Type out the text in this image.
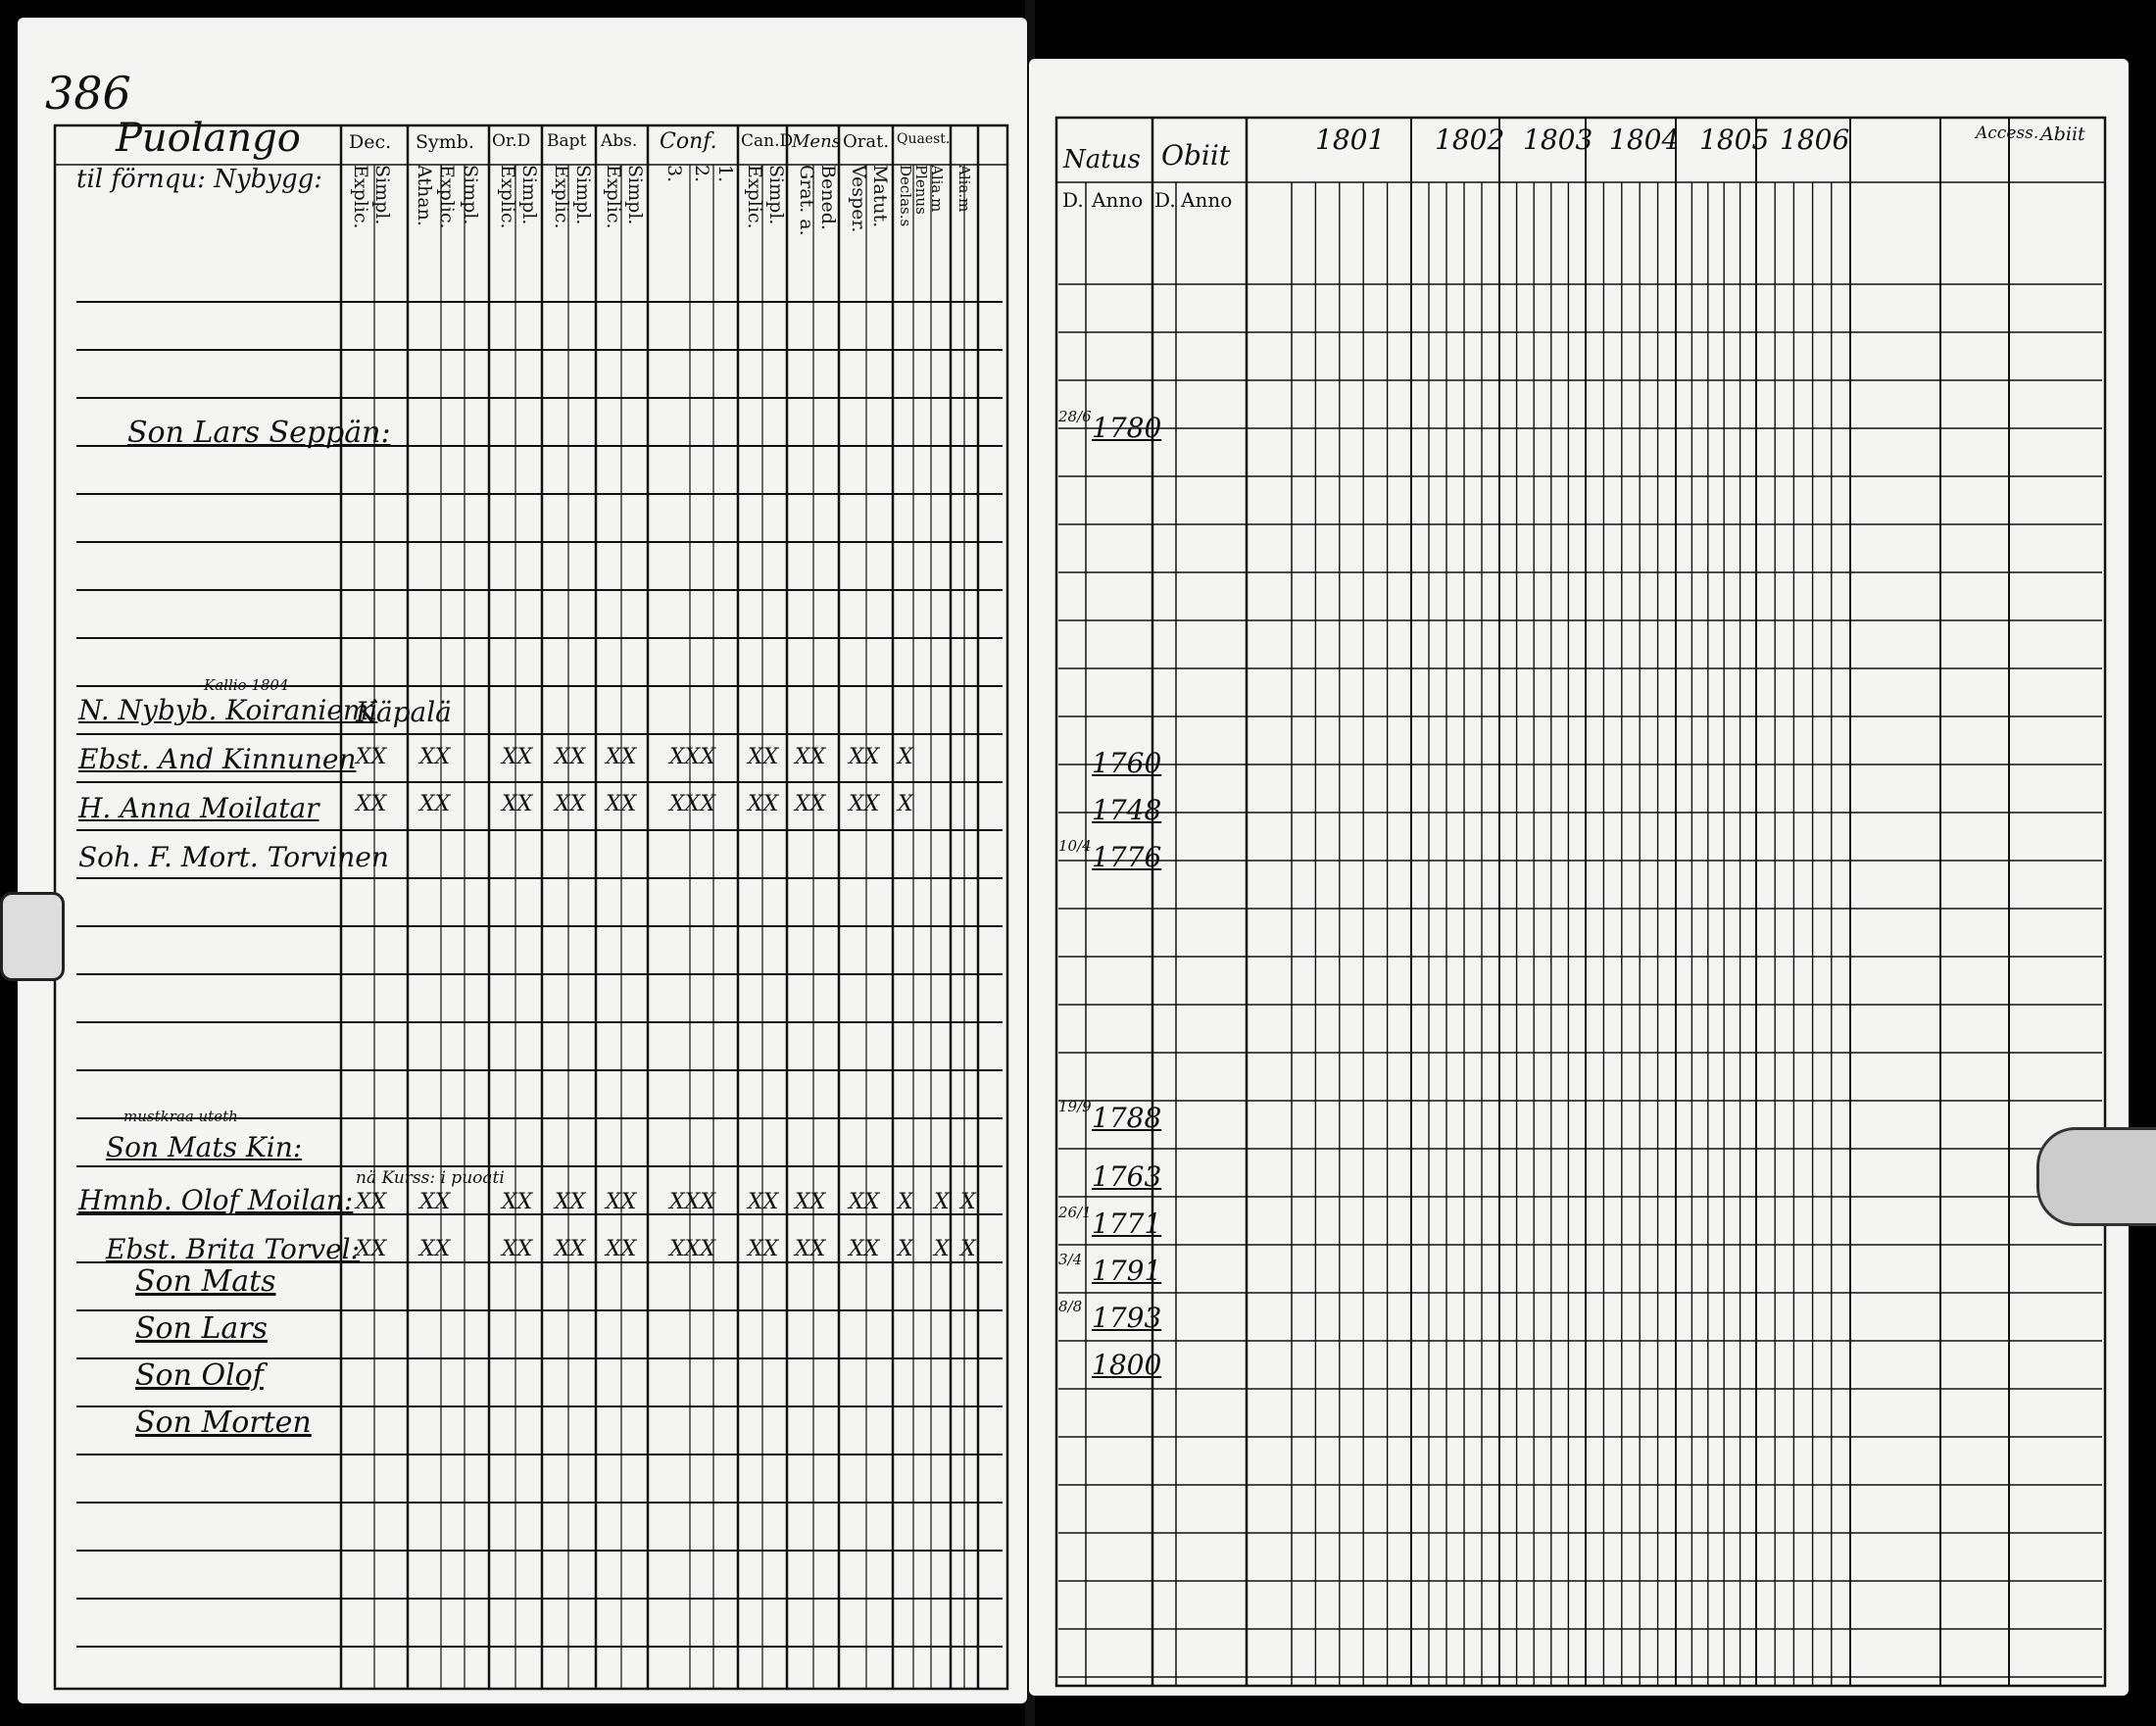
386
Puolango
til förnqu: Nybygg:
Dec. Symb. Or.D Bapt Abs. Conf. Can.D
Mens Orat. Quaest.
Explic. Simpl. Athan. Explic. Simpl. Explic. Simpl. Explic. Simpl. Explic. Simpl. 3. 2. 1. Explic. Simpl. Grat. a. Bened. Vesper. Matut. Declas.s
Plenus
Alia.m Alia.m
Son Lars Seppän:
Kallio 1804
N. Nybyb. Koiraniemi
Käpalä
Ebst. And Kinnunen
H. Anna Moilatar
Soh. F. Mort. Torvinen
mustkraa uteth
Son Mats Kin:
nä Kurss: i puoati
Hmnb. Olof Moilan:
Ebst. Brita Torvel:
Son Mats
Son Lars
Son Olof
Son Morten
XX XX XX XX XX XXX XX XX XX X
XX XX XX XX XX XXX XX XX XX X
XX XX XX XX XX XXX XX XX XX X X X
XX XX XX XX XX XXX XX XX XX X X X
Natus Obiit
D. Anno D. Anno
1801 1802 1803 1804 1805 1806	Access. Abiit
28/6 1780
1760
1748
10/4 1776
19/9 1788
1763
26/1 1771
3/4 1791
8/8 1793
1800
